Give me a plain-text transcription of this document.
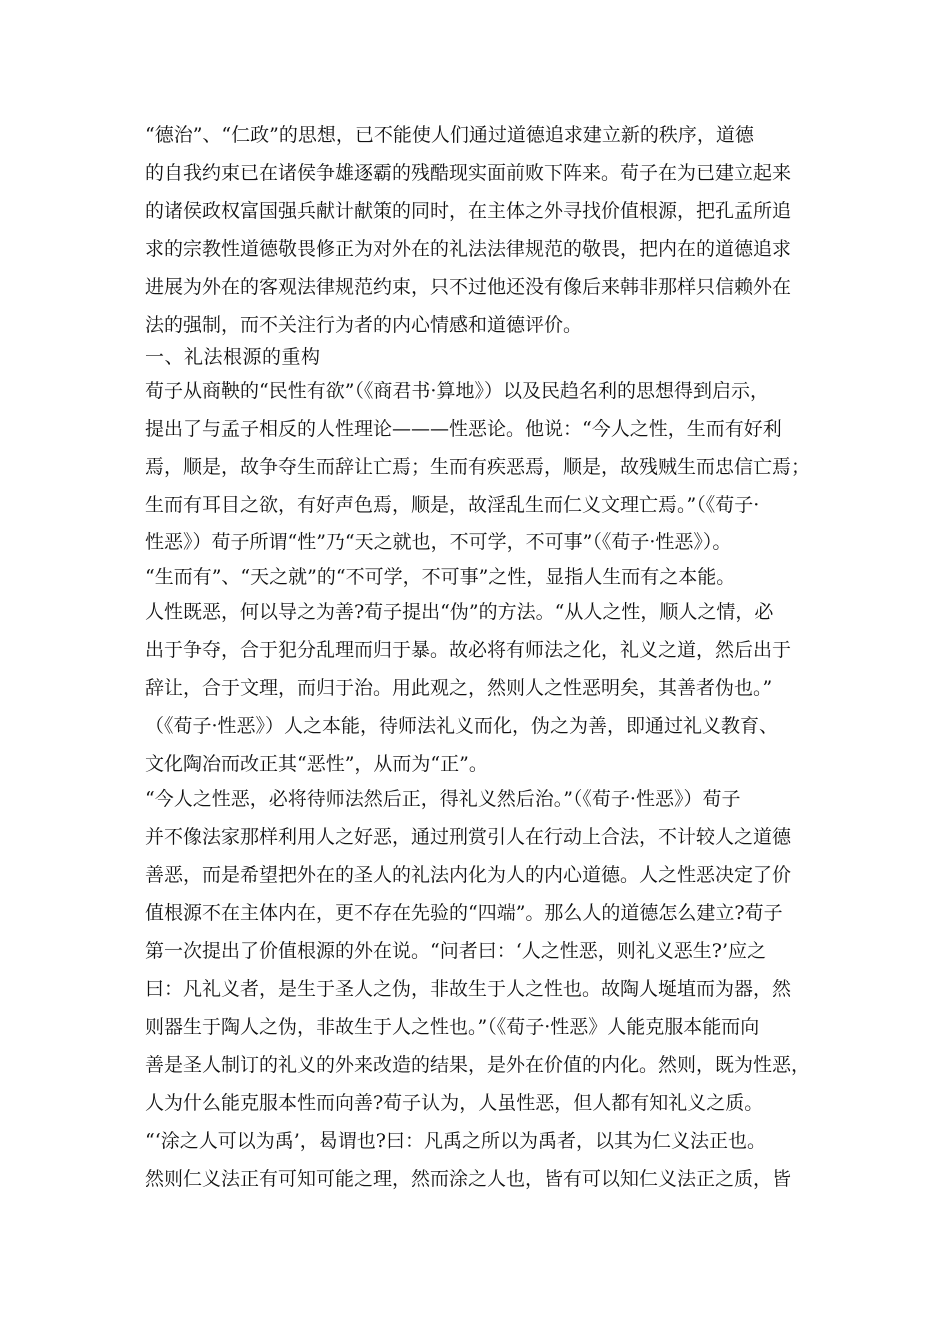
“德治”、“仁政”的思想，已不能使人们通过道德追求建立新的秩序，道德
的自我约束已在诸侯争雄逐霸的残酷现实面前败下阵来。荀子在为已建立起来
的诸侯政权富国强兵献计献策的同时，在主体之外寻找价值根源，把孔孟所追
求的宗教性道德敬畏修正为对外在的礼法法律规范的敬畏，把内在的道德追求
进展为外在的客观法律规范约束，只不过他还没有像后来韩非那样只信赖外在
法的强制，而不关注行为者的内心情感和道德评价。
一、礼法根源的重构
荀子从商鞅的“民性有欲”（《商君书·算地》）以及民趋名利的思想得到启示，
提出了与孟子相反的人性理论———性恶论。他说：“今人之性，生而有好利
焉，顺是，故争夺生而辞让亡焉；生而有疾恶焉，顺是，故残贼生而忠信亡焉；
生而有耳目之欲，有好声色焉，顺是，故淫乱生而仁义文理亡焉。”（《荀子·
性恶》）荀子所谓“性”乃“天之就也，不可学，不可事”（《荀子·性恶》）。
“生而有”、“天之就”的“不可学，不可事”之性，显指人生而有之本能。
人性既恶，何以导之为善?荀子提出“伪”的方法。“从人之性，顺人之情，必
出于争夺，合于犯分乱理而归于暴。故必将有师法之化，礼义之道，然后出于
辞让，合于文理，而归于治。用此观之，然则人之性恶明矣，其善者伪也。”
（《荀子·性恶》）人之本能，待师法礼义而化，伪之为善，即通过礼义教育、
文化陶冶而改正其“恶性”，从而为“正”。
“今人之性恶，必将待师法然后正，得礼义然后治。”（《荀子·性恶》）荀子
并不像法家那样利用人之好恶，通过刑赏引人在行动上合法，不计较人之道德
善恶，而是希望把外在的圣人的礼法内化为人的内心道德。人之性恶决定了价
值根源不在主体内在，更不存在先验的“四端”。那么人的道德怎么建立?荀子
第一次提出了价值根源的外在说。“问者曰：‘人之性恶，则礼义恶生?’应之
曰：凡礼义者，是生于圣人之伪，非故生于人之性也。故陶人埏埴而为器，然
则器生于陶人之伪，非故生于人之性也。”（《荀子·性恶》人能克服本能而向
善是圣人制订的礼义的外来改造的结果，是外在价值的内化。然则，既为性恶，
人为什么能克服本性而向善?荀子认为，人虽性恶，但人都有知礼义之质。
“‘涂之人可以为禹’，曷谓也?曰：凡禹之所以为禹者，以其为仁义法正也。
然则仁义法正有可知可能之理，然而涂之人也，皆有可以知仁义法正之质，皆
